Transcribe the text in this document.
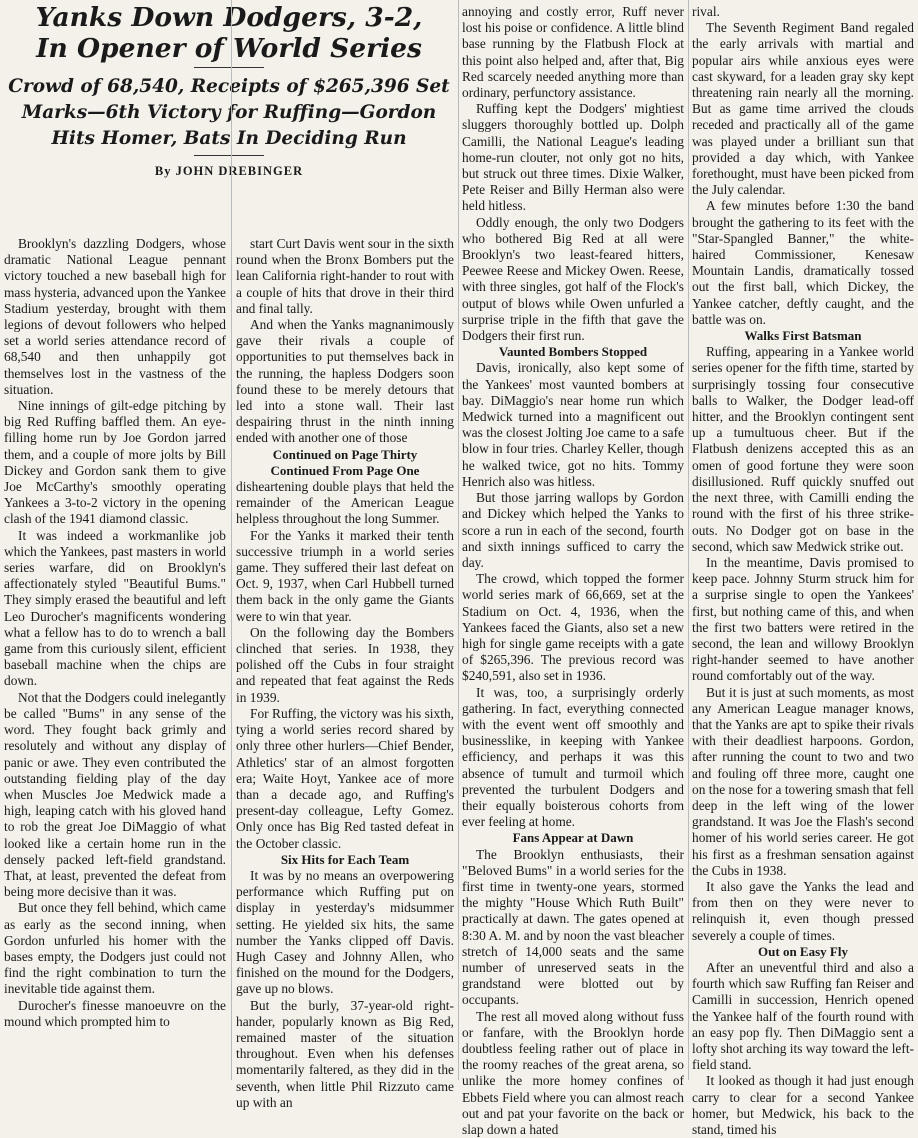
Yanks Down Dodgers, 3-2,

In Opener of World Series

Crowd of 68,540, Receipts of $265,396 Set

Marks—6th Victory for Ruffing—Gordon

Hits Homer, Bats In Deciding Run

By JOHN DREBINGER

Brooklyn's dazzling Dodgers, whose dramatic National League pennant victory touched a new baseball high for mass hysteria, advanced upon the Yankee Stadium yesterday, brought with them legions of devout followers who helped set a world series attendance record of 68,540 and then unhappily got themselves lost in the vastness of the situation.

Nine innings of gilt-edge pitching by big Red Ruffing baffled them. An eye-filling home run by Joe Gordon jarred them, and a couple of more jolts by Bill Dickey and Gordon sank them to give Joe McCarthy's smoothly operating Yankees a 3-to-2 victory in the opening clash of the 1941 diamond classic.

It was indeed a workmanlike job which the Yankees, past masters in world series warfare, did on Brooklyn's affectionately styled "Beautiful Bums." They simply erased the beautiful and left Leo Durocher's magnificents wondering what a fellow has to do to wrench a ball game from this curiously silent, efficient baseball machine when the chips are down.

Not that the Dodgers could inelegantly be called "Bums" in any sense of the word. They fought back grimly and resolutely and without any display of panic or awe. They even contributed the outstanding fielding play of the day when Muscles Joe Medwick made a high, leaping catch with his gloved hand to rob the great Joe DiMaggio of what looked like a certain home run in the densely packed left-field grandstand. That, at least, prevented the defeat from being more decisive than it was.

But once they fell behind, which came as early as the second inning, when Gordon unfurled his homer with the bases empty, the Dodgers just could not find the right combination to turn the inevitable tide against them.

Durocher's finesse manoeuvre on the mound which prompted him to

start Curt Davis went sour in the sixth round when the Bronx Bombers put the lean California right-hander to rout with a couple of hits that drove in their third and final tally.

And when the Yanks magnanimously gave their rivals a couple of opportunities to put themselves back in the running, the hapless Dodgers soon found these to be merely detours that led into a stone wall. Their last despairing thrust in the ninth inning ended with another one of those

Continued on Page Thirty

Continued From Page One

disheartening double plays that held the remainder of the American League helpless throughout the long Summer.

For the Yanks it marked their tenth successive triumph in a world series game. They suffered their last defeat on Oct. 9, 1937, when Carl Hubbell turned them back in the only game the Giants were to win that year.

On the following day the Bombers clinched that series. In 1938, they polished off the Cubs in four straight and repeated that feat against the Reds in 1939.

For Ruffing, the victory was his sixth, tying a world series record shared by only three other hurlers—Chief Bender, Athletics' star of an almost forgotten era; Waite Hoyt, Yankee ace of more than a decade ago, and Ruffing's present-day colleague, Lefty Gomez. Only once has Big Red tasted defeat in the October classic.

Six Hits for Each Team

It was by no means an overpowering performance which Ruffing put on display in yesterday's midsummer setting. He yielded six hits, the same number the Yanks clipped off Davis. Hugh Casey and Johnny Allen, who finished on the mound for the Dodgers, gave up no blows.

But the burly, 37-year-old right-hander, popularly known as Big Red, remained master of the situation throughout. Even when his defenses momentarily faltered, as they did in the seventh, when little Phil Rizzuto came up with an

annoying and costly error, Ruff never lost his poise or confidence. A little blind base running by the Flatbush Flock at this point also helped and, after that, Big Red scarcely needed anything more than ordinary, perfunctory assistance.

Ruffing kept the Dodgers' mightiest sluggers thoroughly bottled up. Dolph Camilli, the National League's leading home-run clouter, not only got no hits, but struck out three times. Dixie Walker, Pete Reiser and Billy Herman also were held hitless.

Oddly enough, the only two Dodgers who bothered Big Red at all were Brooklyn's two least-feared hitters, Peewee Reese and Mickey Owen. Reese, with three singles, got half of the Flock's output of blows while Owen unfurled a surprise triple in the fifth that gave the Dodgers their first run.

Vaunted Bombers Stopped

Davis, ironically, also kept some of the Yankees' most vaunted bombers at bay. DiMaggio's near home run which Medwick turned into a magnificent out was the closest Jolting Joe came to a safe blow in four tries. Charley Keller, though he walked twice, got no hits. Tommy Henrich also was hitless.

But those jarring wallops by Gordon and Dickey which helped the Yanks to score a run in each of the second, fourth and sixth innings sufficed to carry the day.

The crowd, which topped the former world series mark of 66,669, set at the Stadium on Oct. 4, 1936, when the Yankees faced the Giants, also set a new high for single game receipts with a gate of $265,396. The previous record was $240,591, also set in 1936.

It was, too, a surprisingly orderly gathering. In fact, everything connected with the event went off smoothly and businesslike, in keeping with Yankee efficiency, and perhaps it was this absence of tumult and turmoil which prevented the turbulent Dodgers and their equally boisterous cohorts from ever feeling at home.

Fans Appear at Dawn

The Brooklyn enthusiasts, their "Beloved Bums" in a world series for the first time in twenty-one years, stormed the mighty "House Which Ruth Built" practically at dawn. The gates opened at 8:30 A. M. and by noon the vast bleacher stretch of 14,000 seats and the same number of unreserved seats in the grandstand were blotted out by occupants.

The rest all moved along without fuss or fanfare, with the Brooklyn horde doubtless feeling rather out of place in the roomy reaches of the great arena, so unlike the more homey confines of Ebbets Field where you can almost reach out and pat your favorite on the back or slap down a hated

rival.

The Seventh Regiment Band regaled the early arrivals with martial and popular airs while anxious eyes were cast skyward, for a leaden gray sky kept threatening rain nearly all the morning. But as game time arrived the clouds receded and practically all of the game was played under a brilliant sun that provided a day which, with Yankee forethought, must have been picked from the July calendar.

A few minutes before 1:30 the band brought the gathering to its feet with the "Star-Spangled Banner," the white-haired Commissioner, Kenesaw Mountain Landis, dramatically tossed out the first ball, which Dickey, the Yankee catcher, deftly caught, and the battle was on.

Walks First Batsman

Ruffing, appearing in a Yankee world series opener for the fifth time, started by surprisingly tossing four consecutive balls to Walker, the Dodger lead-off hitter, and the Brooklyn contingent sent up a tumultuous cheer. But if the Flatbush denizens accepted this as an omen of good fortune they were soon disillusioned. Ruff quickly snuffed out the next three, with Camilli ending the round with the first of his three strike-outs. No Dodger got on base in the second, which saw Medwick strike out.

In the meantime, Davis promised to keep pace. Johnny Sturm struck him for a surprise single to open the Yankees' first, but nothing came of this, and when the first two batters were retired in the second, the lean and willowy Brooklyn right-hander seemed to have another round comfortably out of the way.

But it is just at such moments, as most any American League manager knows, that the Yanks are apt to spike their rivals with their deadliest harpoons. Gordon, after running the count to two and two and fouling off three more, caught one on the nose for a towering smash that fell deep in the left wing of the lower grandstand. It was Joe the Flash's second homer of his world series career. He got his first as a freshman sensation against the Cubs in 1938.

It also gave the Yanks the lead and from then on they were never to relinquish it, even though pressed severely a couple of times.

Out on Easy Fly

After an uneventful third and also a fourth which saw Ruffing fan Reiser and Camilli in succession, Henrich opened the Yankee half of the fourth round with an easy pop fly. Then DiMaggio sent a lofty shot arching its way toward the left-field stand.

It looked as though it had just enough carry to clear for a second Yankee homer, but Medwick, his back to the stand, timed his
